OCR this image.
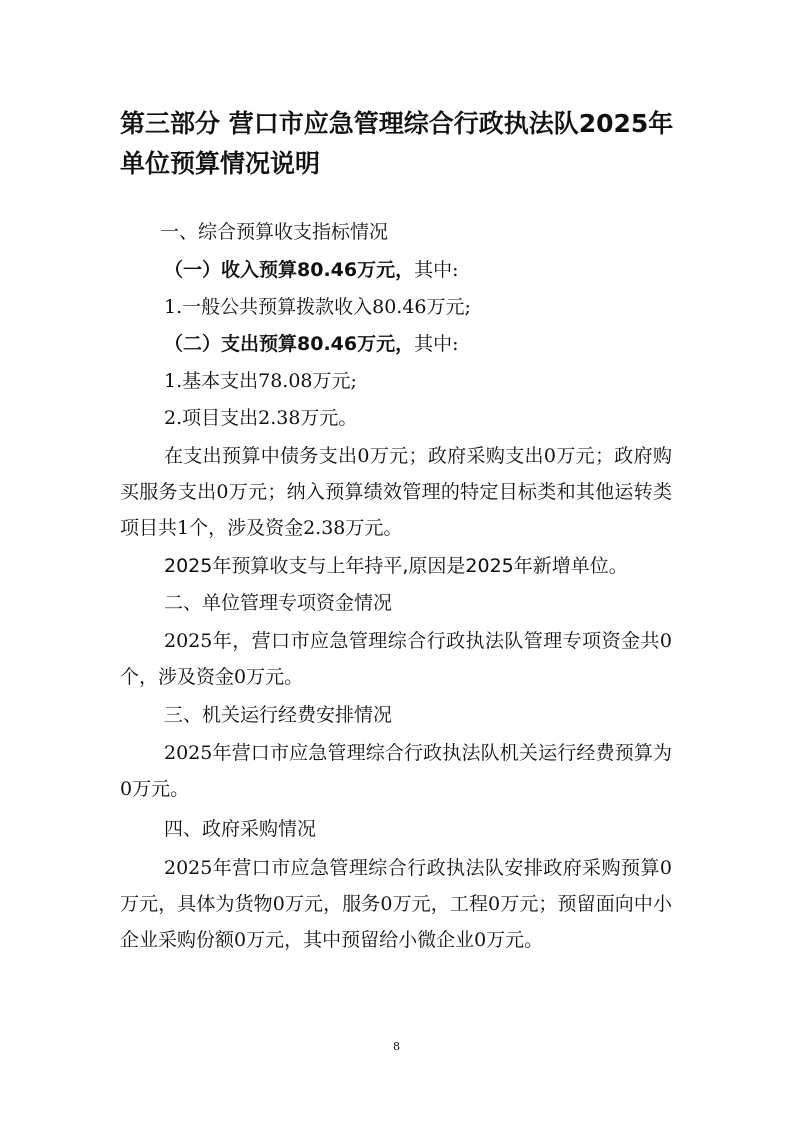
第三部分 营口市应急管理综合行政执法队2025年单位预算情况说明

一、综合预算收支指标情况

（一）收入预算80.46万元，其中:

1.一般公共预算拨款收入80.46万元;

（二）支出预算80.46万元，其中:

1.基本支出78.08万元;

2.项目支出2.38万元。

在支出预算中债务支出0万元；政府采购支出0万元；政府购买服务支出0万元；纳入预算绩效管理的特定目标类和其他运转类项目共1个，涉及资金2.38万元。

2025年预算收支与上年持平,原因是2025年新增单位。

二、单位管理专项资金情况

2025年，营口市应急管理综合行政执法队管理专项资金共0个，涉及资金0万元。

三、机关运行经费安排情况

2025年营口市应急管理综合行政执法队机关运行经费预算为0万元。

四、政府采购情况

2025年营口市应急管理综合行政执法队安排政府采购预算0万元，具体为货物0万元，服务0万元，工程0万元；预留面向中小企业采购份额0万元，其中预留给小微企业0万元。

8
